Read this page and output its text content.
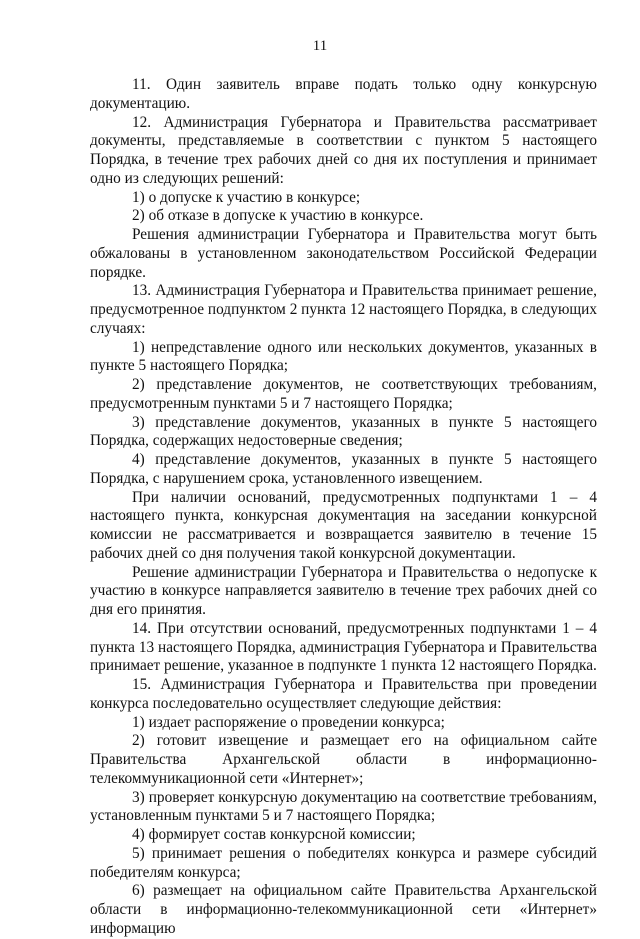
11

11. Один заявитель вправе подать только одну конкурсную документацию.

12. Администрация Губернатора и Правительства рассматривает документы, представляемые в соответствии с пунктом 5 настоящего Порядка, в течение трех рабочих дней со дня их поступления и принимает одно из следующих решений:

1) о допуске к участию в конкурсе;

2) об отказе в допуске к участию в конкурсе.

Решения администрации Губернатора и Правительства могут быть обжалованы в установленном законодательством Российской Федерации порядке.

13. Администрация Губернатора и Правительства принимает решение, предусмотренное подпунктом 2 пункта 12 настоящего Порядка, в следующих случаях:

1) непредставление одного или нескольких документов, указанных в пункте 5 настоящего Порядка;

2) представление документов, не соответствующих требованиям, предусмотренным пунктами 5 и 7 настоящего Порядка;

3) представление документов, указанных в пункте 5 настоящего Порядка, содержащих недостоверные сведения;

4) представление документов, указанных в пункте 5 настоящего Порядка, с нарушением срока, установленного извещением.

При наличии оснований, предусмотренных подпунктами 1 – 4 настоящего пункта, конкурсная документация на заседании конкурсной комиссии не рассматривается и возвращается заявителю в течение 15 рабочих дней со дня получения такой конкурсной документации.

Решение администрации Губернатора и Правительства о недопуске к участию в конкурсе направляется заявителю в течение трех рабочих дней со дня его принятия.

14. При отсутствии оснований, предусмотренных подпунктами 1 – 4 пункта 13 настоящего Порядка, администрация Губернатора и Правительства принимает решение, указанное в подпункте 1 пункта 12 настоящего Порядка.

15. Администрация Губернатора и Правительства при проведении конкурса последовательно осуществляет следующие действия:

1) издает распоряжение о проведении конкурса;

2) готовит извещение и размещает его на официальном сайте Правительства Архангельской области в информационно-телекоммуникационной сети «Интернет»;

3) проверяет конкурсную документацию на соответствие требованиям, установленным пунктами 5 и 7 настоящего Порядка;

4) формирует состав конкурсной комиссии;

5) принимает решения о победителях конкурса и размере субсидий победителям конкурса;

6) размещает на официальном сайте Правительства Архангельской области в информационно-телекоммуникационной сети «Интернет» информацию
